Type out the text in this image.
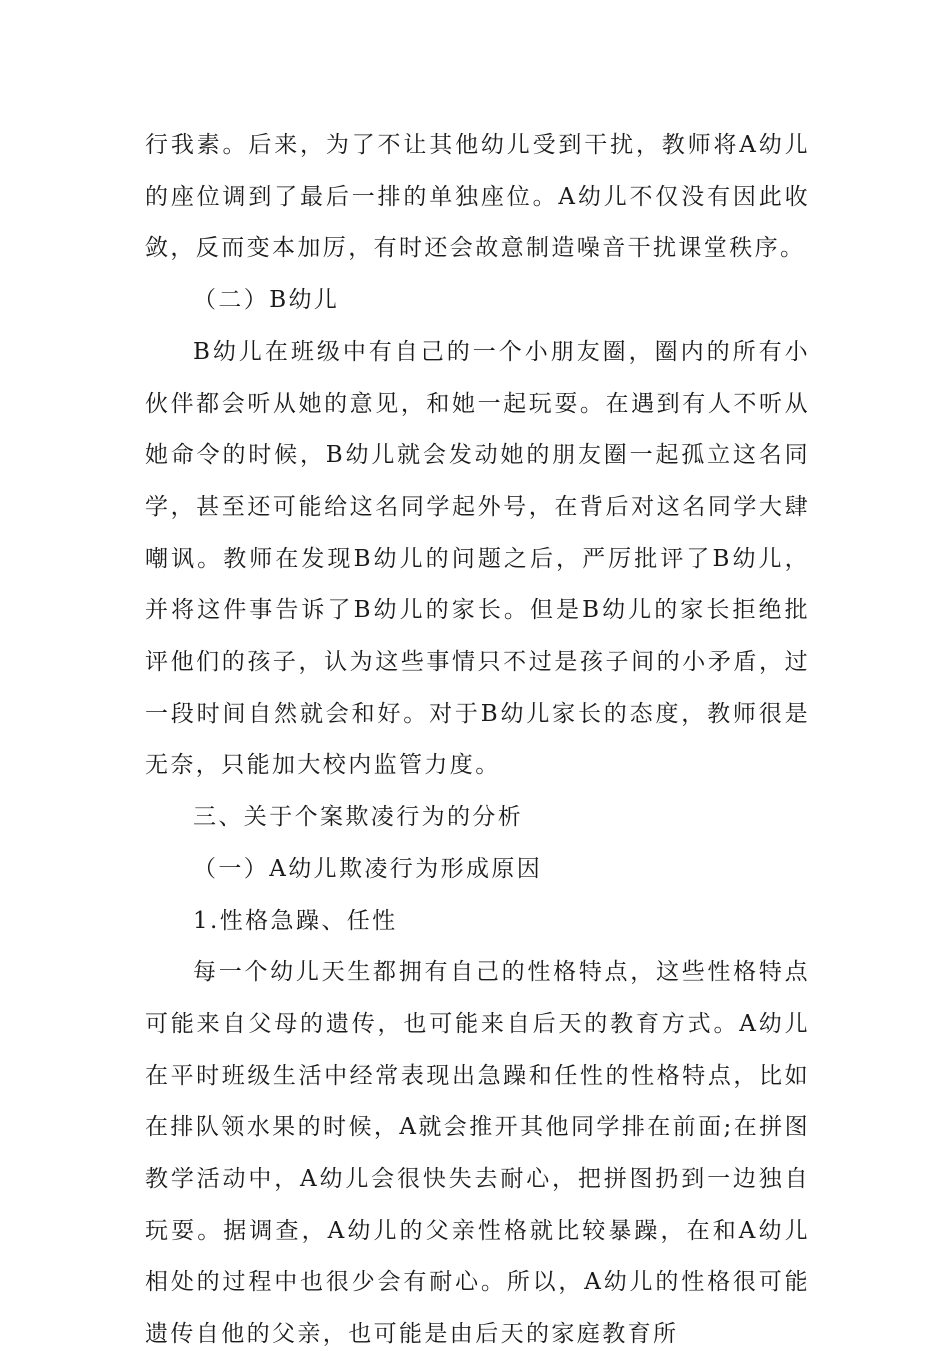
行我素。后来，为了不让其他幼儿受到干扰，教师将A幼儿的座位调到了最后一排的单独座位。A幼儿不仅没有因此收敛，反而变本加厉，有时还会故意制造噪音干扰课堂秩序。

（二）B幼儿

B幼儿在班级中有自己的一个小朋友圈，圈内的所有小伙伴都会听从她的意见，和她一起玩耍。在遇到有人不听从她命令的时候，B幼儿就会发动她的朋友圈一起孤立这名同学，甚至还可能给这名同学起外号，在背后对这名同学大肆嘲讽。教师在发现B幼儿的问题之后，严厉批评了B幼儿，并将这件事告诉了B幼儿的家长。但是B幼儿的家长拒绝批评他们的孩子，认为这些事情只不过是孩子间的小矛盾，过一段时间自然就会和好。对于B幼儿家长的态度，教师很是无奈，只能加大校内监管力度。

三、关于个案欺凌行为的分析

（一）A幼儿欺凌行为形成原因

1.性格急躁、任性

每一个幼儿天生都拥有自己的性格特点，这些性格特点可能来自父母的遗传，也可能来自后天的教育方式。A幼儿在平时班级生活中经常表现出急躁和任性的性格特点，比如在排队领水果的时候，A就会推开其他同学排在前面;在拼图教学活动中，A幼儿会很快失去耐心，把拼图扔到一边独自玩耍。据调查，A幼儿的父亲性格就比较暴躁，在和A幼儿相处的过程中也很少会有耐心。所以，A幼儿的性格很可能遗传自他的父亲，也可能是由后天的家庭教育所
